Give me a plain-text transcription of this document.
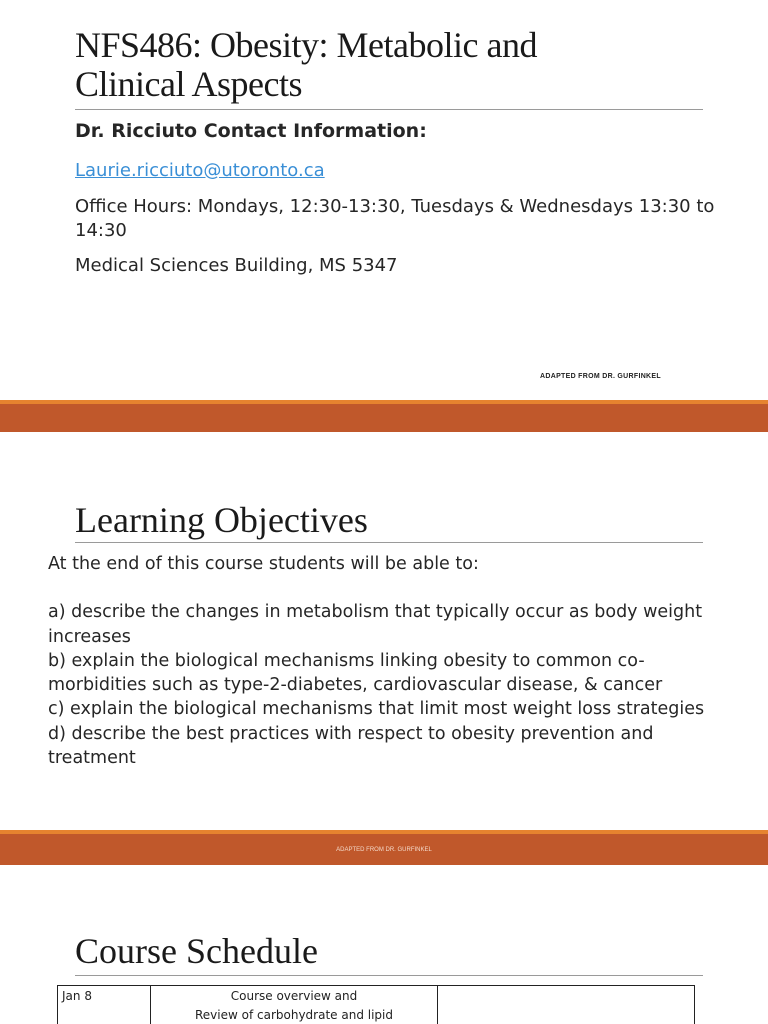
NFS486: Obesity: Metabolic and
Clinical Aspects
Dr. Ricciuto Contact Information:
Laurie.ricciuto@utoronto.ca
Office Hours: Mondays, 12:30-13:30, Tuesdays & Wednesdays 13:30 to 14:30
Medical Sciences Building, MS 5347
ADAPTED FROM DR. GURFINKEL
Learning Objectives

At the end of this course students will be able to:

a) describe the changes in metabolism that typically occur as body weight increases

b) explain the biological mechanisms linking obesity to common co-morbidities such as type-2-diabetes, cardiovascular disease, & cancer

c) explain the biological mechanisms that limit most weight loss strategies

d) describe the best practices with respect to obesity prevention and treatment

ADAPTED FROM DR. GURFINKEL
Course Schedule
Jan 8	Course overview and
Review of carbohydrate and lipid	
